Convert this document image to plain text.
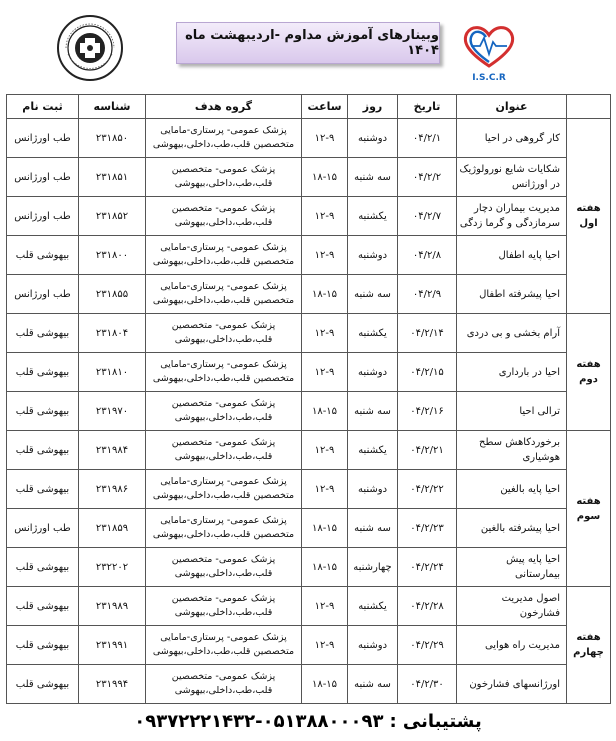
وبینارهای آموزش مداوم -اردیبهشت ماه ۱۴۰۴
I.S.C.R
	عنوان	تاریخ	روز	ساعت	گروه هدف	شناسه	ثبت نام
هفته
اول	کار گروهی در احیا	۰۴/۲/۱	دوشنبه	۱۲-۹	پزشک عمومی- پرستاری-مامایی
متخصصین قلب،طب،داخلی،بیهوشی	۲۳۱۸۵۰	طب اورژانس
	شکایات شایع نورولوژیک در اورژانس	۰۴/۲/۲	سه شنبه	۱۸-۱۵	پزشک عمومی- متخصصین
قلب،طب،داخلی،بیهوشی	۲۳۱۸۵۱	طب اورژانس
	مدیریت بیماران دچار سرمازدگی و گرما زدگی	۰۴/۲/۷	یکشنبه	۱۲-۹	پزشک عمومی- متخصصین
قلب،طب،داخلی،بیهوشی	۲۳۱۸۵۲	طب اورژانس
	احیا پایه اطفال	۰۴/۲/۸	دوشنبه	۱۲-۹	پزشک عمومی- پرستاری-مامایی
متخصصین قلب،طب،داخلی،بیهوشی	۲۳۱۸۰۰	بیهوشی قلب
	احیا پیشرفته اطفال	۰۴/۲/۹	سه شنبه	۱۸-۱۵	پزشک عمومی- پرستاری-مامایی
متخصصین قلب،طب،داخلی،بیهوشی	۲۳۱۸۵۵	طب اورژانس
هفته
دوم	آرام بخشی و بی دردی	۰۴/۲/۱۴	یکشنبه	۱۲-۹	پزشک عمومی- متخصصین
قلب،طب،داخلی،بیهوشی	۲۳۱۸۰۴	بیهوشی قلب
	احیا در بارداری	۰۴/۲/۱۵	دوشنبه	۱۲-۹	پزشک عمومی- پرستاری-مامایی
متخصصین قلب،طب،داخلی،بیهوشی	۲۳۱۸۱۰	بیهوشی قلب
	ترالی احیا	۰۴/۲/۱۶	سه شنبه	۱۸-۱۵	پزشک عمومی- متخصصین
قلب،طب،داخلی،بیهوشی	۲۳۱۹۷۰	بیهوشی قلب
هفته
سوم	برخوردکاهش سطح هوشیاری	۰۴/۲/۲۱	یکشنبه	۱۲-۹	پزشک عمومی- متخصصین
قلب،طب،داخلی،بیهوشی	۲۳۱۹۸۴	بیهوشی قلب
	احیا پایه بالغین	۰۴/۲/۲۲	دوشنبه	۱۲-۹	پزشک عمومی- پرستاری-مامایی
متخصصین قلب،طب،داخلی،بیهوشی	۲۳۱۹۸۶	بیهوشی قلب
	احیا پیشرفته بالغین	۰۴/۲/۲۳	سه شنبه	۱۸-۱۵	پزشک عمومی- پرستاری-مامایی
متخصصین قلب،طب،داخلی،بیهوشی	۲۳۱۸۵۹	طب اورژانس
	احیا پایه پیش بیمارستانی	۰۴/۲/۲۴	چهارشنبه	۱۸-۱۵	پزشک عمومی- متخصصین
قلب،طب،داخلی،بیهوشی	۲۳۲۲۰۲	بیهوشی قلب
هفته
چهارم	اصول مدیریت فشارخون	۰۴/۲/۲۸	یکشنبه	۱۲-۹	پزشک عمومی- متخصصین
قلب،طب،داخلی،بیهوشی	۲۳۱۹۸۹	بیهوشی قلب
	مدیریت راه هوایی	۰۴/۲/۲۹	دوشنبه	۱۲-۹	پزشک عمومی- پرستاری-مامایی
متخصصین قلب،طب،داخلی،بیهوشی	۲۳۱۹۹۱	بیهوشی قلب
	اورژانسهای فشارخون	۰۴/۲/۳۰	سه شنبه	۱۸-۱۵	پزشک عمومی- متخصصین
قلب،طب،داخلی،بیهوشی	۲۳۱۹۹۴	بیهوشی قلب
پشتیبانی :
۰۹۳۷۲۲۲۱۴۳۲-۰۵۱۳۸۸۰۰۰۹۳
